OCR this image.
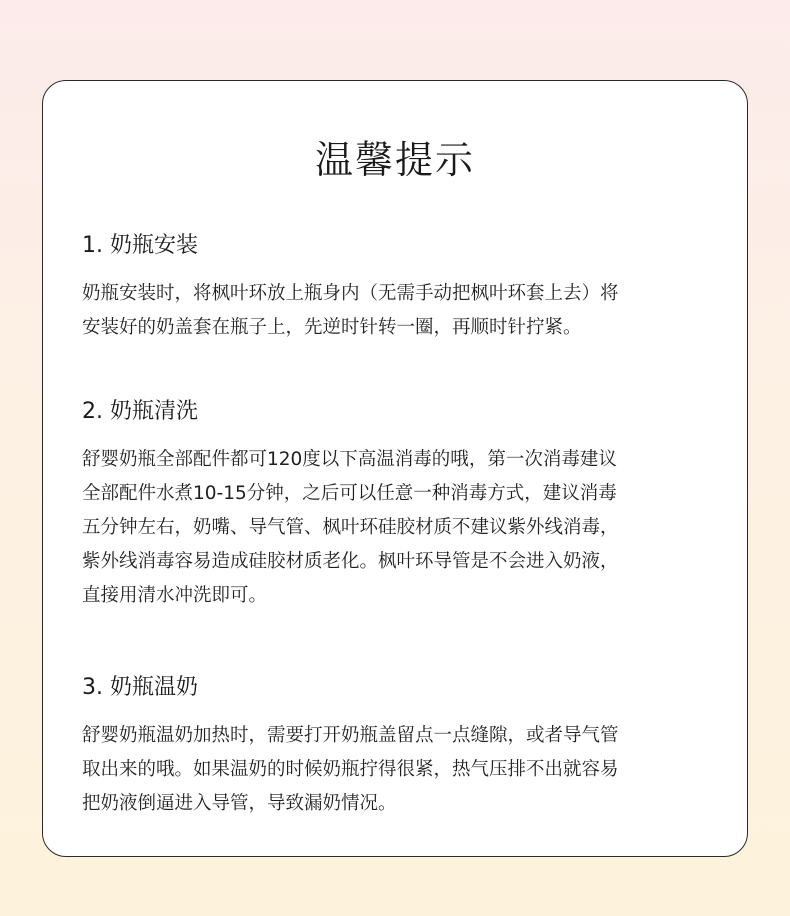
温馨提示
1. 奶瓶安装
奶瓶安装时，将枫叶环放上瓶身内（无需手动把枫叶环套上去）将
安装好的奶盖套在瓶子上，先逆时针转一圈，再顺时针拧紧。
2. 奶瓶清洗
舒婴奶瓶全部配件都可120度以下高温消毒的哦，第一次消毒建议
全部配件水煮10-15分钟，之后可以任意一种消毒方式，建议消毒
五分钟左右，奶嘴、导气管、枫叶环硅胶材质不建议紫外线消毒，
紫外线消毒容易造成硅胶材质老化。枫叶环导管是不会进入奶液，
直接用清水冲洗即可。
3. 奶瓶温奶
舒婴奶瓶温奶加热时，需要打开奶瓶盖留点一点缝隙，或者导气管
取出来的哦。如果温奶的时候奶瓶拧得很紧，热气压排不出就容易
把奶液倒逼进入导管，导致漏奶情况。
